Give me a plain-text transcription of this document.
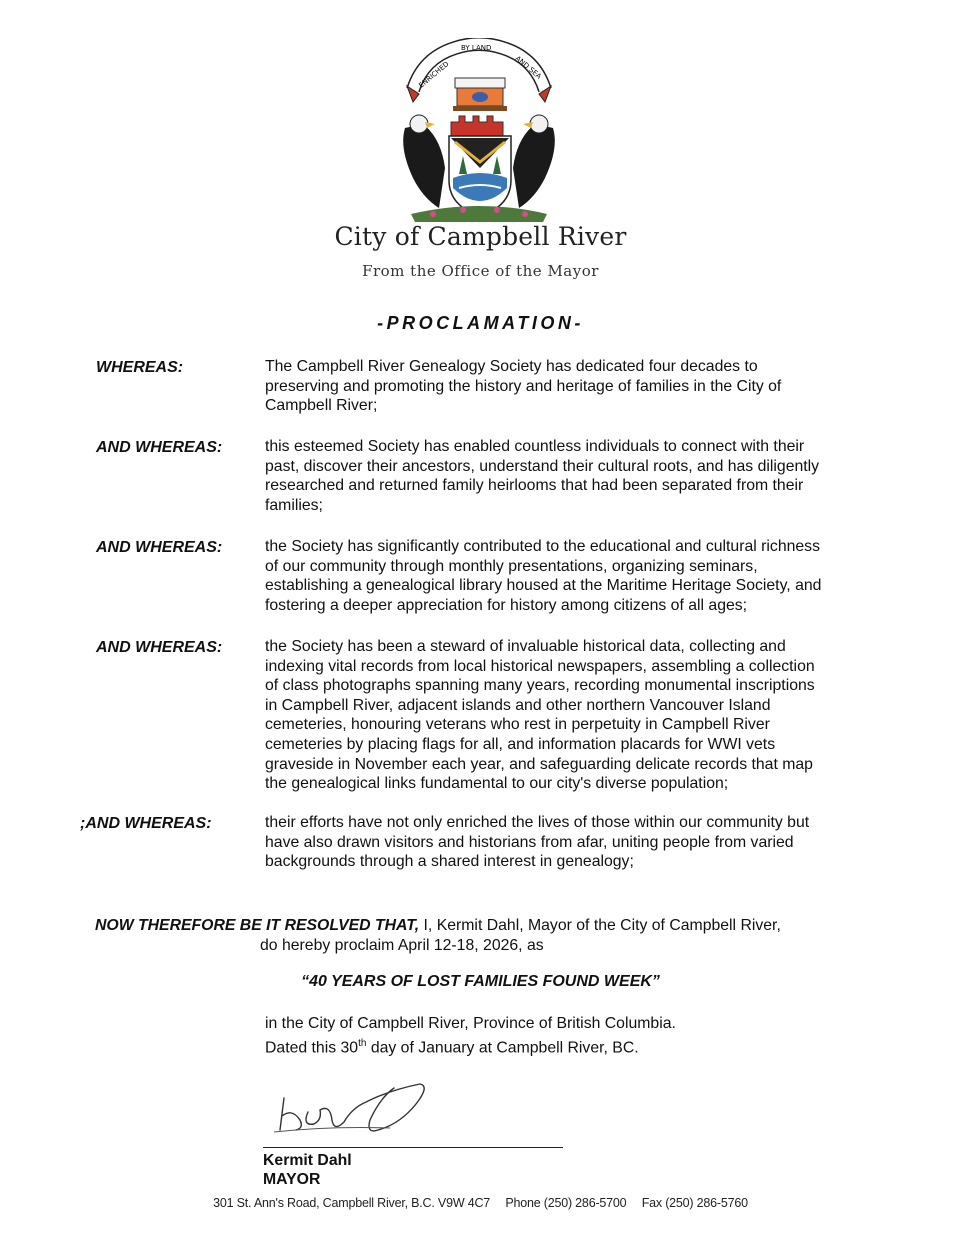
ENRICHED
BY LAND
AND SEA
City of Campbell River
From the Office of the Mayor
-PROCLAMATION-
WHEREAS:	The Campbell River Genealogy Society has dedicated four decades to
preserving and promoting the history and heritage of families in the City of
Campbell River;
AND WHEREAS:	this esteemed Society has enabled countless individuals to connect with their
past, discover their ancestors, understand their cultural roots, and has diligently
researched and returned family heirlooms that had been separated from their
families;
AND WHEREAS:	the Society has significantly contributed to the educational and cultural richness
of our community through monthly presentations, organizing seminars,
establishing a genealogical library housed at the Maritime Heritage Society, and
fostering a deeper appreciation for history among citizens of all ages;
AND WHEREAS:	the Society has been a steward of invaluable historical data, collecting and
indexing vital records from local historical newspapers, assembling a collection
of class photographs spanning many years, recording monumental inscriptions
in Campbell River, adjacent islands and other northern Vancouver Island
cemeteries, honouring veterans who rest in perpetuity in Campbell River
cemeteries by placing flags for all, and information placards for WWI vets
graveside in November each year, and safeguarding delicate records that map
the genealogical links fundamental to our city's diverse population;
;AND WHEREAS:	their efforts have not only enriched the lives of those within our community but
have also drawn visitors and historians from afar, uniting people from varied
backgrounds through a shared interest in genealogy;
NOW THEREFORE BE IT RESOLVED THAT, I, Kermit Dahl, Mayor of the City of Campbell River,
do hereby proclaim April 12-18, 2026, as
“40 YEARS OF LOST FAMILIES FOUND WEEK”
in the City of Campbell River, Province of British Columbia.
Dated this 30th day of January at Campbell River, BC.
Kermit Dahl
MAYOR
301 St. Ann's Road, Campbell River, B.C. V9W 4C7 Phone (250) 286-5700 Fax (250) 286-5760
